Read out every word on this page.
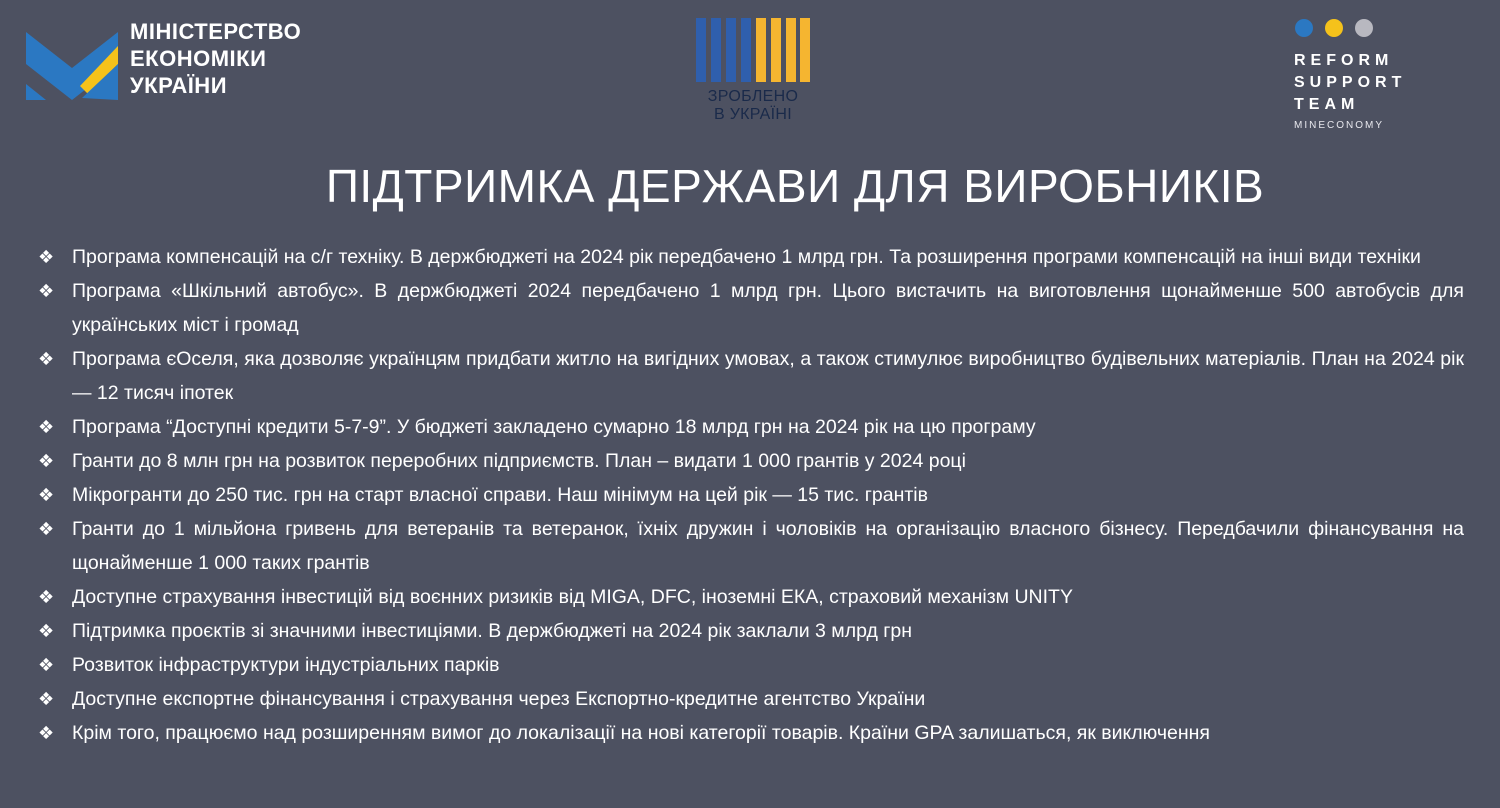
МІНІСТЕРСТВО
ЕКОНОМІКИ
УКРАЇНИ	ЗРОБЛЕНО
В УКРАЇНІ
REFORM
SUPPORT
TEAM
MINECONOMY
ПІДТРИМКА ДЕРЖАВИ ДЛЯ ВИРОБНИКІВ
❖ Програма компенсацій на с/г техніку. В держбюджеті на 2024 рік передбачено 1 млрд грн. Та розширення програми компенсацій на інші види техніки
❖ Програма «Шкільний автобус». В держбюджеті 2024 передбачено 1 млрд грн. Цього вистачить на виготовлення щонайменше 500 автобусів для українських міст і громад
❖ Програма єОселя, яка дозволяє українцям придбати житло на вигідних умовах, а також стимулює виробництво будівельних матеріалів. План на 2024 рік — 12 тисяч іпотек
❖ Програма “Доступні кредити 5-7-9”. У бюджеті закладено сумарно 18 млрд грн на 2024 рік на цю програму
❖ Гранти до 8 млн грн на розвиток переробних підприємств. План – видати 1 000 грантів у 2024 році
❖ Мікрогранти до 250 тис. грн на старт власної справи. Наш мінімум на цей рік — 15 тис. грантів
❖ Гранти до 1 мільйона гривень для ветеранів та ветеранок, їхніх дружин і чоловіків на організацію власного бізнесу. Передбачили фінансування на щонайменше 1 000 таких грантів
❖ Доступне страхування інвестицій від воєнних ризиків від MIGA, DFC, іноземні ЕКА, страховий механізм UNITY
❖ Підтримка проєктів зі значними інвестиціями. В держбюджеті на 2024 рік заклали 3 млрд грн
❖ Розвиток інфраструктури індустріальних парків
❖ Доступне експортне фінансування і страхування через Експортно-кредитне агентство України
❖ Крім того, працюємо над розширенням вимог до локалізації на нові категорії товарів. Країни GPA залишаться, як виключення
